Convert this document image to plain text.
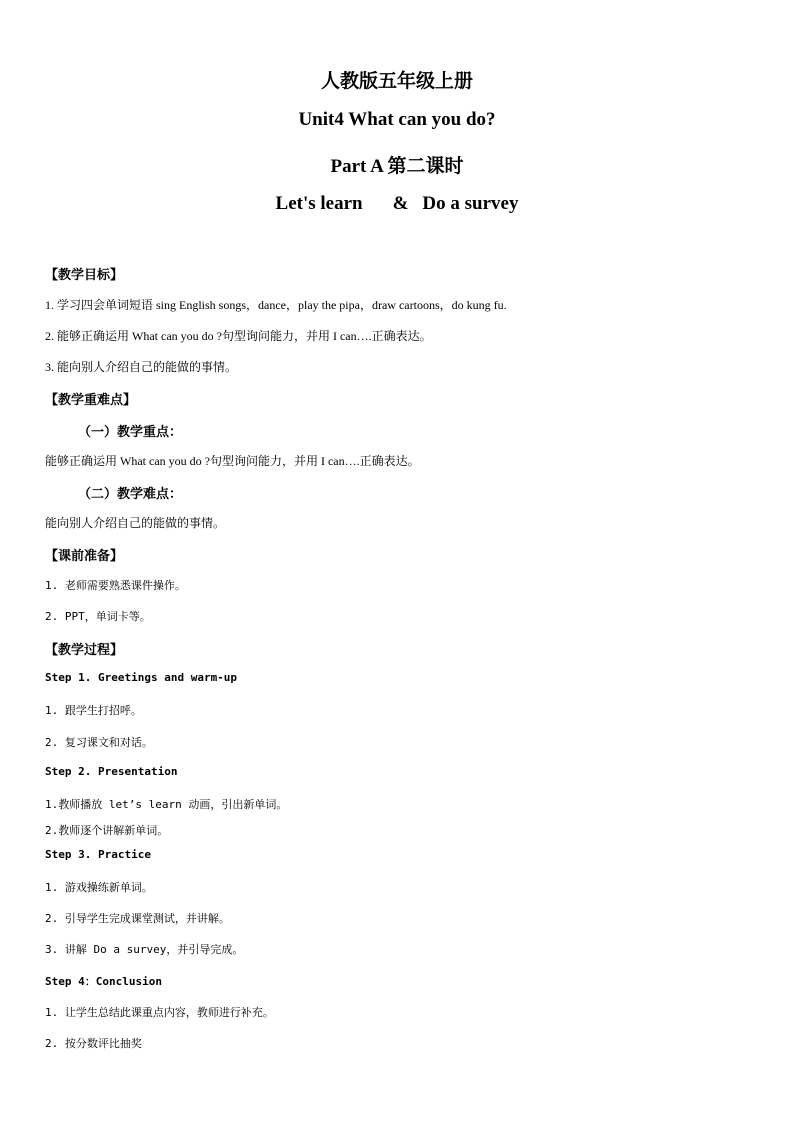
人教版五年级上册
Unit4 What can you do?
Part A 第二课时
Let's learn & Do a survey
【教学目标】
1. 学习四会单词短语 sing English songs，dance，play the pipa，draw cartoons，do kung fu.
2. 能够正确运用 What can you do ?句型询问能力，并用 I can….正确表达。
3. 能向别人介绍自己的能做的事情。
【教学重难点】
（一）教学重点：
能够正确运用 What can you do ?句型询问能力，并用 I can….正确表达。
（二）教学难点：
能向别人介绍自己的能做的事情。
【课前准备】
1. 老师需要熟悉课件操作。
2. PPT，单词卡等。
【教学过程】
Step 1. Greetings and warm-up
1. 跟学生打招呼。
2. 复习课文和对话。
Step 2. Presentation
1.教师播放 let’s learn 动画，引出新单词。
2.教师逐个讲解新单词。
Step 3. Practice
1. 游戏操练新单词。
2. 引导学生完成课堂测试，并讲解。
3. 讲解 Do a survey，并引导完成。
Step 4：Conclusion
1. 让学生总结此课重点内容，教师进行补充。
2. 按分数评比抽奖
